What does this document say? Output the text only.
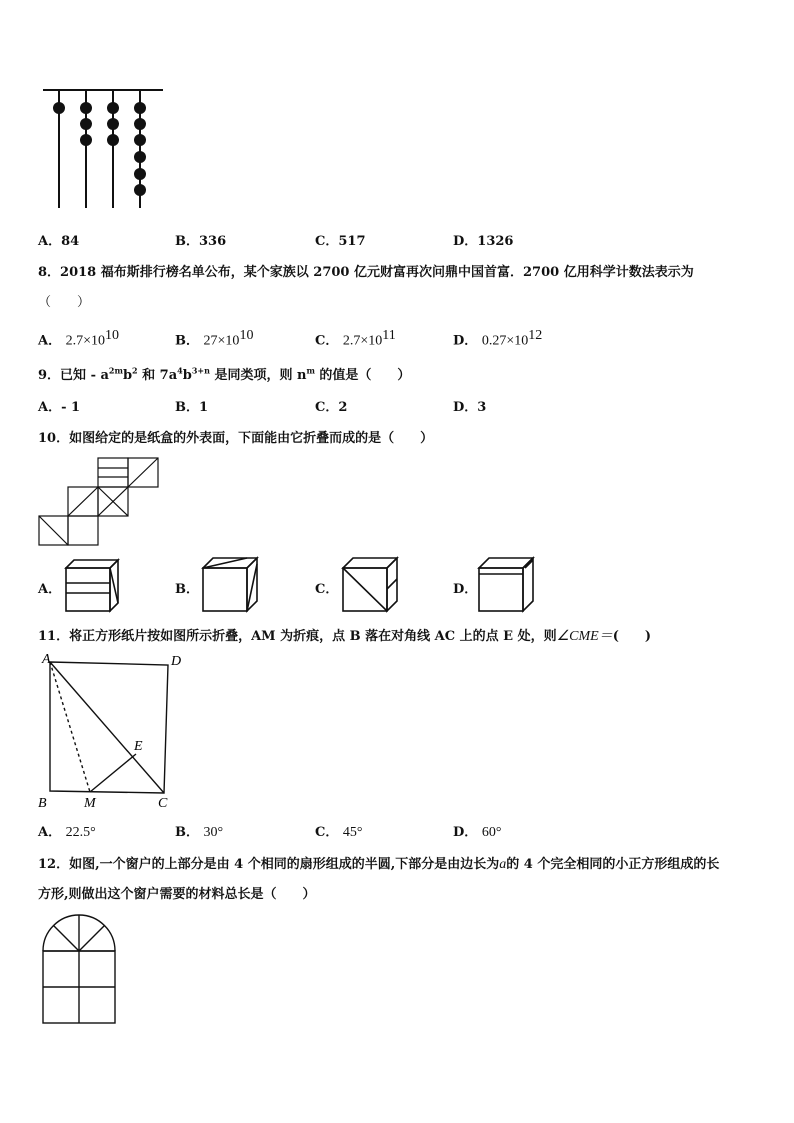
A．84	B．336	C．517	D．1326
8．2018 福布斯排行榜名单公布，某个家族以 2700 亿元财富再次问鼎中国首富．2700 亿用科学计数法表示为
（　　）
A． $2.7\times 10^{10}$	B． $27\times 10^{10}$	C． $2.7\times 10^{11}$	D． $0.27\times 10^{12}$
9．已知 - $a^{2m}b^2$ 和 $7a^4b^{3+n}$ 是同类项，则 $n^m$ 的值是（　　）
A．- 1	B．1	C．2	D．3
10．如图给定的是纸盒的外表面，下面能由它折叠而成的是（　　）
A．	B．	C．	D．
11．将正方形纸片按如图所示折叠，AM 为折痕，点 B 落在对角线 AC 上的点 E 处，则∠CME＝(　　)
A	D
B	C
E
M
A． 22.5°	B． 30°	C． 45°	D． 60°
12．如图,一个窗户的上部分是由 4 个相同的扇形组成的半圆,下部分是由边长为a的 4 个完全相同的小正方形组成的长
方形,则做出这个窗户需要的材料总长是（　　）
